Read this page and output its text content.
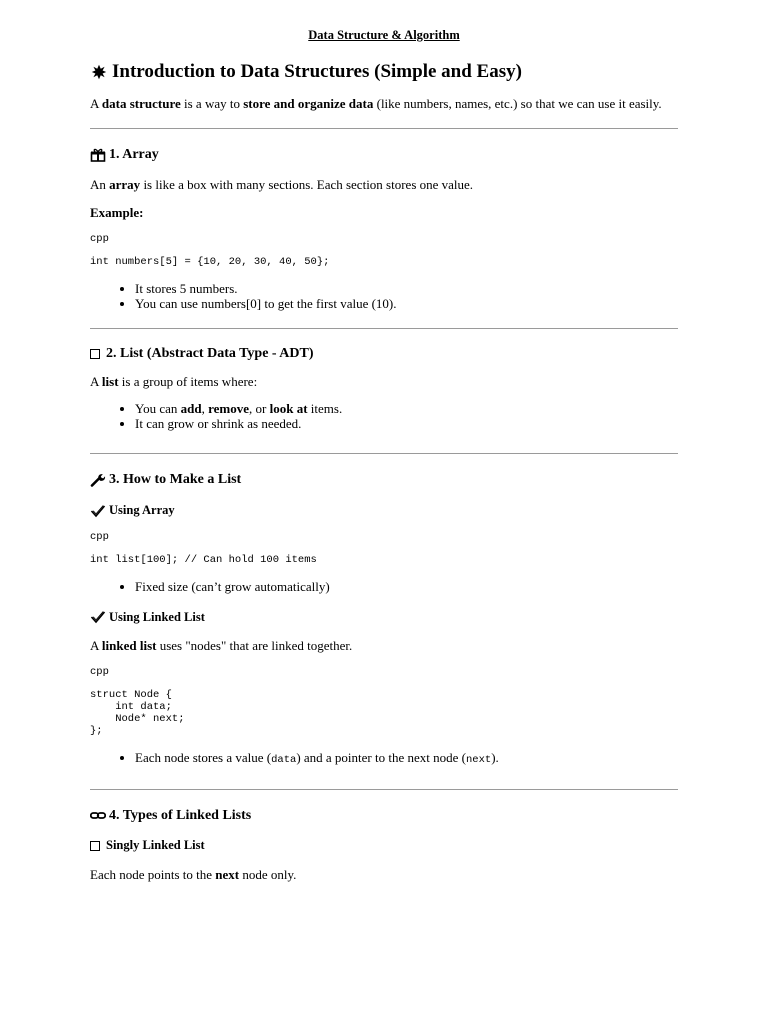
Data Structure & Algorithm
Introduction to Data Structures (Simple and Easy)

A data structure is a way to store and organize data (like numbers, names, etc.) so that we can use it easily.

1. Array

An array is like a box with many sections. Each section stores one value.

Example:

cpp
int numbers[5] = {10, 20, 30, 40, 50};
• It stores 5 numbers.
• You can use numbers[0] to get the first value (10).
2. List (Abstract Data Type - ADT)

A list is a group of items where:

• You can add, remove, or look at items.
• It can grow or shrink as needed.
3. How to Make a List
Using Array
cpp
int list[100]; // Can hold 100 items
• Fixed size (can’t grow automatically)
Using Linked List

A linked list uses "nodes" that are linked together.

cpp
struct Node {
int data;
Node* next;
};
• Each node stores a value (data) and a pointer to the next node (next).
4. Types of Linked Lists
Singly Linked List

Each node points to the next node only.
